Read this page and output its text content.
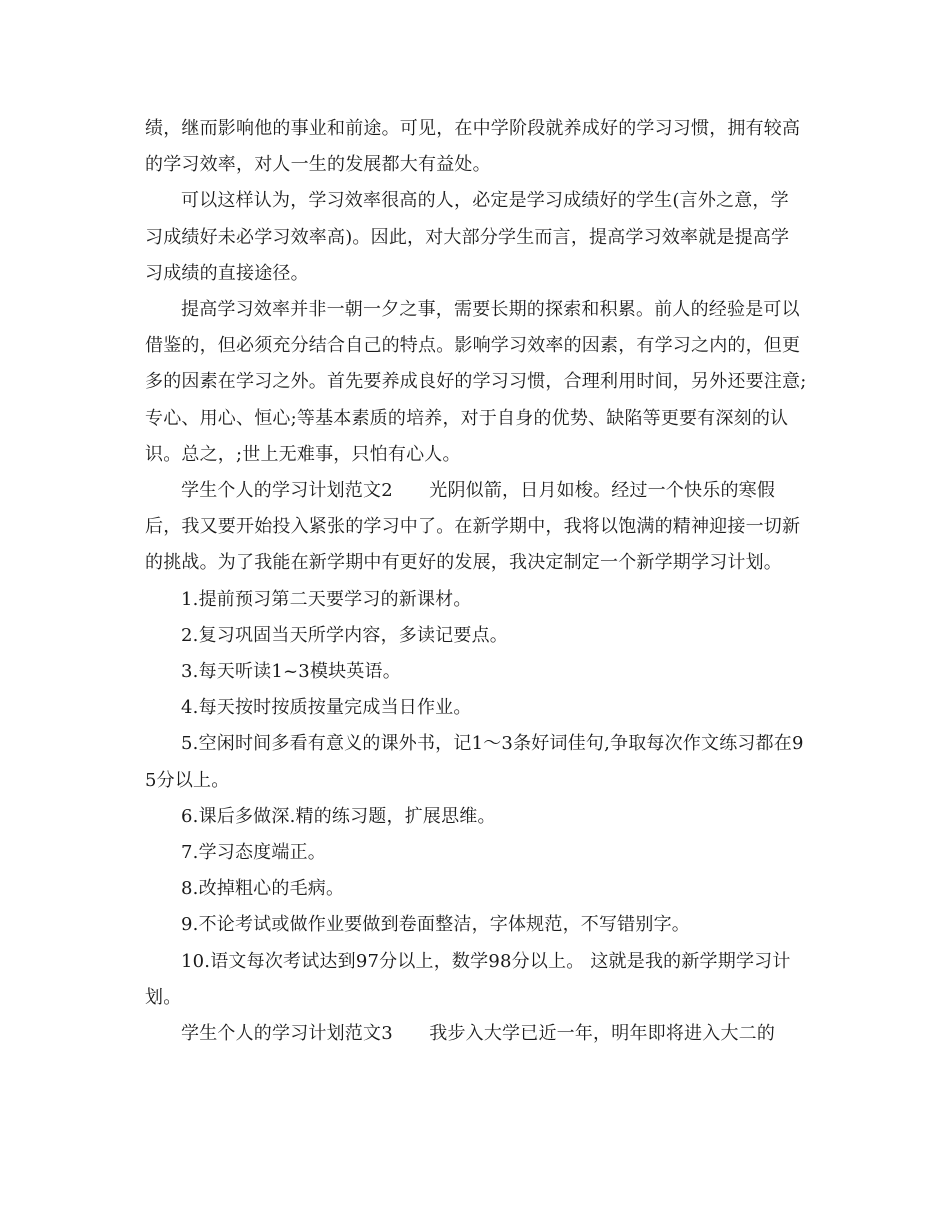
绩，继而影响他的事业和前途。可见，在中学阶段就养成好的学习习惯，拥有较高的学习效率，对人一生的发展都大有益处。

可以这样认为，学习效率很高的人，必定是学习成绩好的学生(言外之意，学习成绩好未必学习效率高)。因此，对大部分学生而言，提高学习效率就是提高学习成绩的直接途径。

提高学习效率并非一朝一夕之事，需要长期的探索和积累。前人的经验是可以借鉴的，但必须充分结合自己的特点。影响学习效率的因素，有学习之内的，但更多的因素在学习之外。首先要养成良好的学习习惯，合理利用时间，另外还要注意;专心、用心、恒心;等基本素质的培养，对于自身的优势、缺陷等更要有深刻的认识。总之，;世上无难事，只怕有心人。

学生个人的学习计划范文2　　光阴似箭，日月如梭。经过一个快乐的寒假后，我又要开始投入紧张的学习中了。在新学期中，我将以饱满的精神迎接一切新的挑战。为了我能在新学期中有更好的发展，我决定制定一个新学期学习计划。

1.提前预习第二天要学习的新课材。

2.复习巩固当天所学内容，多读记要点。

3.每天听读1~3模块英语。

4.每天按时按质按量完成当日作业。

5.空闲时间多看有意义的课外书，记1～3条好词佳句,争取每次作文练习都在95分以上。

6.课后多做深.精的练习题，扩展思维。

7.学习态度端正。

8.改掉粗心的毛病。

9.不论考试或做作业要做到卷面整洁，字体规范，不写错别字。

10.语文每次考试达到97分以上，数学98分以上。 这就是我的新学期学习计划。

学生个人的学习计划范文3　　我步入大学已近一年，明年即将进入大二的
